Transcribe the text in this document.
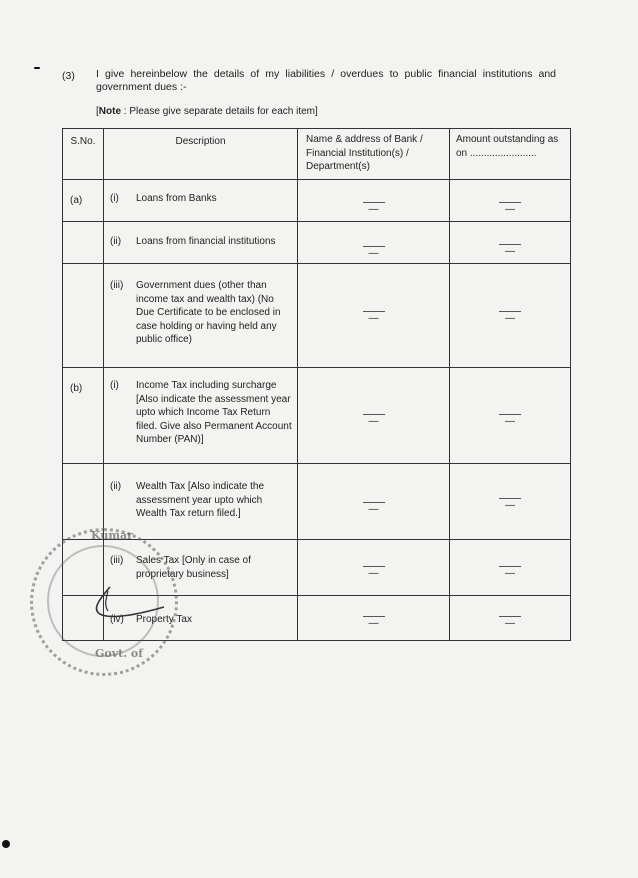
(3) I give hereinbelow the details of my liabilities / overdues to public financial institutions and government dues :-
[Note : Please give separate details for each item]
S.No.	Description	Name & address of Bank / Financial Institution(s) / Department(s)	Amount outstanding as on ........................
(a)	(i) Loans from Banks	—	—

	(ii) Loans from financial institutions	—	—

	(iii) Government dues (other than income tax and wealth tax) (No Due Certificate to be enclosed in case holding or having held any public office)	—	—
(b)	(i) Income Tax including surcharge [Also indicate the assessment year upto which Income Tax Return filed. Give also Permanent Account Number (PAN)]	—	—

	(ii) Wealth Tax [Also indicate the assessment year upto which Wealth Tax return filed.]	—	—

	(iii) Sales Tax [Only in case of proprietary business]	—	—

	(iv) Property Tax	—	—
Kumar
Govt. of
